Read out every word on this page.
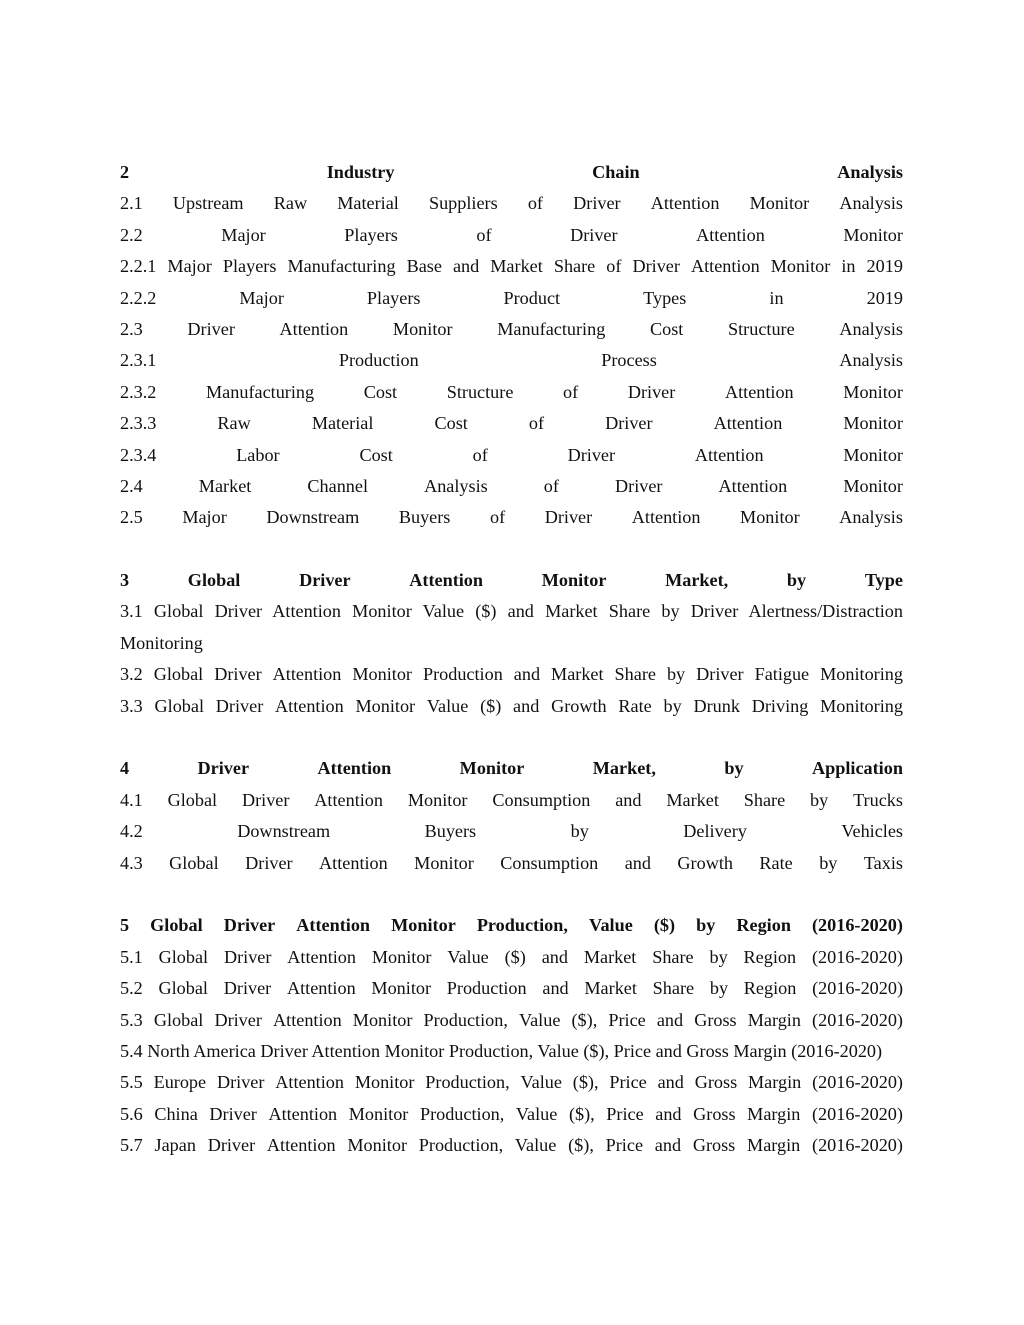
2	Industry	Chain	Analysis
2.1 Upstream Raw Material Suppliers of Driver Attention Monitor Analysis
2.2	Major	Players	of	Driver	Attention	Monitor
2.2.1 Major Players Manufacturing Base and Market Share of Driver Attention Monitor in 2019
2.2.2	Major	Players	Product	Types	in	2019
2.3 Driver Attention Monitor Manufacturing Cost Structure Analysis
2.3.1	Production	Process	Analysis
2.3.2	Manufacturing	Cost	Structure	of	Driver	Attention	Monitor
2.3.3	Raw	Material	Cost	of	Driver	Attention	Monitor
2.3.4	Labor	Cost	of	Driver	Attention	Monitor
2.4	Market	Channel	Analysis	of	Driver	Attention	Monitor
2.5 Major Downstream Buyers of Driver Attention Monitor Analysis
3	Global	Driver	Attention	Monitor	Market,	by	Type
3.1 Global Driver Attention Monitor Value ($) and Market Share by Driver Alertness/Distraction Monitoring
3.2 Global Driver Attention Monitor Production and Market Share by Driver Fatigue Monitoring
3.3 Global Driver Attention Monitor Value ($) and Growth Rate by Drunk Driving Monitoring
4	Driver	Attention	Monitor	Market,	by	Application
4.1 Global Driver Attention Monitor Consumption and Market Share by Trucks
4.2	Downstream	Buyers	by	Delivery	Vehicles
4.3 Global Driver Attention Monitor Consumption and Growth Rate by Taxis
5 Global Driver Attention Monitor Production, Value ($) by Region (2016-2020)
5.1 Global Driver Attention Monitor Value ($) and Market Share by Region (2016-2020)
5.2 Global Driver Attention Monitor Production and Market Share by Region (2016-2020)
5.3 Global Driver Attention Monitor Production, Value ($), Price and Gross Margin (2016-2020)
5.4 North America Driver Attention Monitor Production, Value ($), Price and Gross Margin (2016-2020)
5.5 Europe Driver Attention Monitor Production, Value ($), Price and Gross Margin (2016-2020)
5.6 China Driver Attention Monitor Production, Value ($), Price and Gross Margin (2016-2020)
5.7 Japan Driver Attention Monitor Production, Value ($), Price and Gross Margin (2016-2020)
